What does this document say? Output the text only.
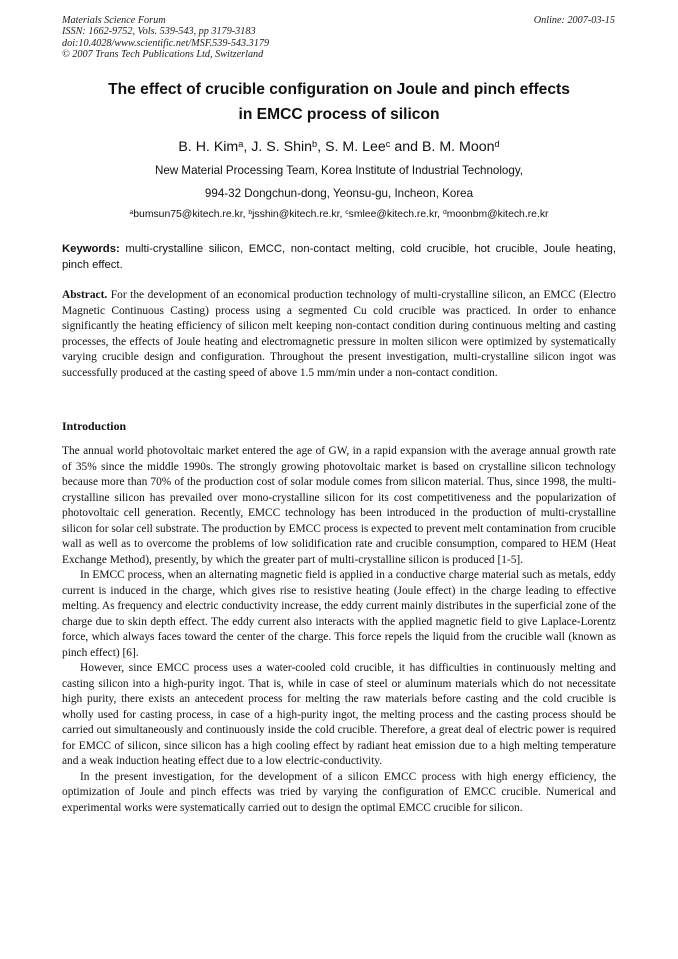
Materials Science Forum
ISSN: 1662-9752, Vols. 539-543, pp 3179-3183
doi:10.4028/www.scientific.net/MSF.539-543.3179
© 2007 Trans Tech Publications Ltd, Switzerland
Online: 2007-03-15
The effect of crucible configuration on Joule and pinch effects
in EMCC process of silicon
B. H. Kim$^a$, J. S. Shin$^b$, S. M. Lee$^c$ and B. M. Moon$^d$
New Material Processing Team, Korea Institute of Industrial Technology,
994-32 Dongchun-dong, Yeonsu-gu, Incheon, Korea
$^a$bumsun75@kitech.re.kr, $^b$jsshin@kitech.re.kr, $^c$smlee@kitech.re.kr, $^d$moonbm@kitech.re.kr
Keywords: multi-crystalline silicon, EMCC, non-contact melting, cold crucible, hot crucible, Joule heating, pinch effect.
Abstract. For the development of an economical production technology of multi-crystalline silicon, an EMCC (Electro Magnetic Continuous Casting) process using a segmented Cu cold crucible was practiced. In order to enhance significantly the heating efficiency of silicon melt keeping non-contact condition during continuous melting and casting processes, the effects of Joule heating and electromagnetic pressure in molten silicon were optimized by systematically varying crucible design and configuration. Throughout the present investigation, multi-crystalline silicon ingot was successfully produced at the casting speed of above 1.5 mm/min under a non-contact condition.
Introduction

The annual world photovoltaic market entered the age of GW, in a rapid expansion with the average annual growth rate of 35% since the middle 1990s. The strongly growing photovoltaic market is based on crystalline silicon technology because more than 70% of the production cost of solar module comes from silicon material. Thus, since 1998, the multi-crystalline silicon has prevailed over mono-crystalline silicon for its cost competitiveness and the popularization of photovoltaic cell generation. Recently, EMCC technology has been introduced in the production of multi-crystalline silicon for solar cell substrate. The production by EMCC process is expected to prevent melt contamination from crucible wall as well as to overcome the problems of low solidification rate and crucible consumption, compared to HEM (Heat Exchange Method), presently, by which the greater part of multi-crystalline silicon is produced [1-5].

In EMCC process, when an alternating magnetic field is applied in a conductive charge material such as metals, eddy current is induced in the charge, which gives rise to resistive heating (Joule effect) in the charge leading to effective melting. As frequency and electric conductivity increase, the eddy current mainly distributes in the superficial zone of the charge due to skin depth effect. The eddy current also interacts with the applied magnetic field to give Laplace-Lorentz force, which always faces toward the center of the charge. This force repels the liquid from the crucible wall (known as pinch effect) [6].

However, since EMCC process uses a water-cooled cold crucible, it has difficulties in continuously melting and casting silicon into a high-purity ingot. That is, while in case of steel or aluminum materials which do not necessitate high purity, there exists an antecedent process for melting the raw materials before casting and the cold crucible is wholly used for casting process, in case of a high-purity ingot, the melting process and the casting process should be carried out simultaneously and continuously inside the cold crucible. Therefore, a great deal of electric power is required for EMCC of silicon, since silicon has a high cooling effect by radiant heat emission due to a high melting temperature and a weak induction heating effect due to a low electric-conductivity.

In the present investigation, for the development of a silicon EMCC process with high energy efficiency, the optimization of Joule and pinch effects was tried by varying the configuration of EMCC crucible. Numerical and experimental works were systematically carried out to design the optimal EMCC crucible for silicon.
